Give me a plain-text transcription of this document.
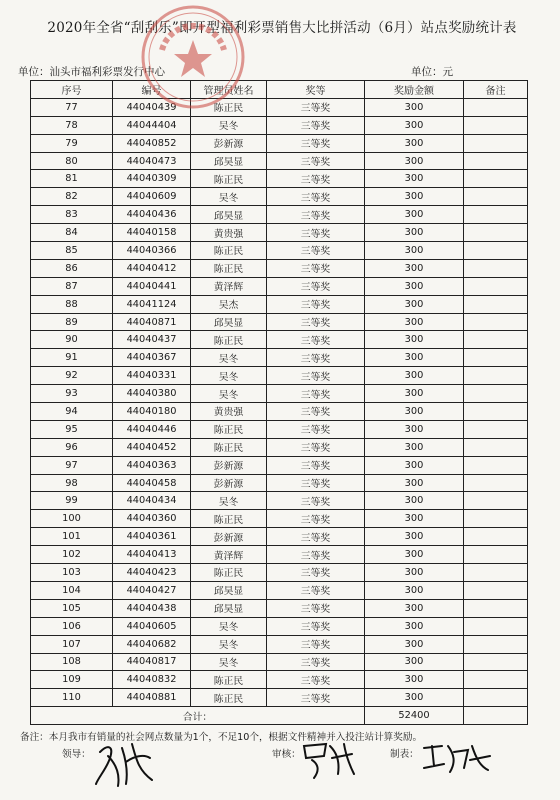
2020年全省“刮刮乐”即开型福利彩票销售大比拼活动（6月）站点奖励统计表
单位：汕头市福利彩票发行中心	单位：元
序号	编号	管理员姓名	奖等	奖励金额	备注
77	44040439	陈正民	三等奖	300	
78	44044404	吴冬	三等奖	300	
79	44040852	彭新源	三等奖	300	
80	44040473	邱昊显	三等奖	300	
81	44040309	陈正民	三等奖	300	
82	44040609	吴冬	三等奖	300	
83	44040436	邱昊显	三等奖	300	
84	44040158	黄贵强	三等奖	300	
85	44040366	陈正民	三等奖	300	
86	44040412	陈正民	三等奖	300	
87	44040441	黄泽辉	三等奖	300	
88	44041124	吴杰	三等奖	300	
89	44040871	邱昊显	三等奖	300	
90	44040437	陈正民	三等奖	300	
91	44040367	吴冬	三等奖	300	
92	44040331	吴冬	三等奖	300	
93	44040380	吴冬	三等奖	300	
94	44040180	黄贵强	三等奖	300	
95	44040446	陈正民	三等奖	300	
96	44040452	陈正民	三等奖	300	
97	44040363	彭新源	三等奖	300	
98	44040458	彭新源	三等奖	300	
99	44040434	吴冬	三等奖	300	
100	44040360	陈正民	三等奖	300	
101	44040361	彭新源	三等奖	300	
102	44040413	黄泽辉	三等奖	300	
103	44040423	陈正民	三等奖	300	
104	44040427	邱昊显	三等奖	300	
105	44040438	邱昊显	三等奖	300	
106	44040605	吴冬	三等奖	300	
107	44040682	吴冬	三等奖	300	
108	44040817	吴冬	三等奖	300	
109	44040832	陈正民	三等奖	300	
110	44040881	陈正民	三等奖	300	
合计：				52400	
备注：本月我市有销量的社会网点数量为1个，不足10个，根据文件精神并入投注站计算奖励。
领导：	审核：	制表：
